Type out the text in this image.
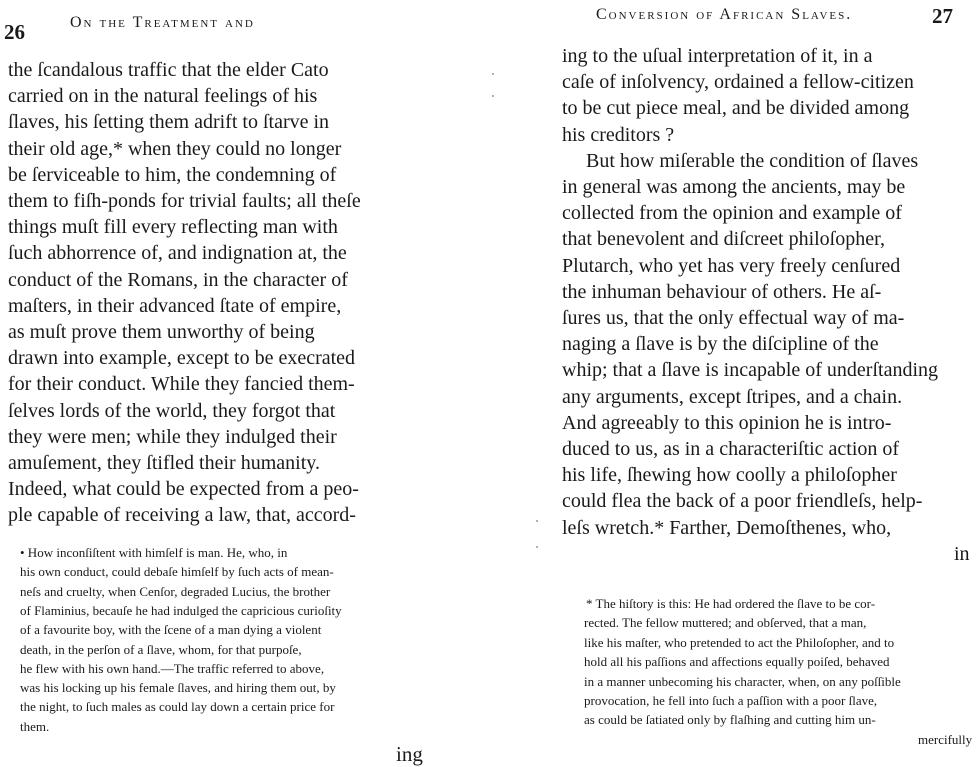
26	On the Treatment and
the ſcandalous traffic that the elder Cato
carried on in the natural feelings of his
ſlaves, his ſetting them adrift to ſtarve in
their old age,* when they could no longer
be ſerviceable to him, the condemning of
them to fiſh-ponds for trivial faults; all theſe
things muſt fill every reflecting man with
ſuch abhorrence of, and indignation at, the
conduct of the Romans, in the character of
maſters, in their advanced ſtate of empire,
as muſt prove them unworthy of being
drawn into example, except to be execrated
for their conduct. While they fancied them-
ſelves lords of the world, they forgot that
they were men; while they indulged their
amuſement, they ſtifled their humanity.
Indeed, what could be expected from a peo-
ple capable of receiving a law, that, accord-
• How inconſiſtent with himſelf is man. He, who, in
his own conduct, could debaſe himſelf by ſuch acts of mean-
neſs and cruelty, when Cenſor, degraded Lucius, the brother
of Flaminius, becauſe he had indulged the capricious curioſity
of a favourite boy, with the ſcene of a man dying a violent
death, in the perſon of a ſlave, whom, for that purpoſe,
he flew with his own hand.—The traffic referred to above,
was his locking up his female ſlaves, and hiring them out, by
the night, to ſuch males as could lay down a certain price for
them.
ing
Conversion of African Slaves.	27
ing to the uſual interpretation of it, in a
caſe of inſolvency, ordained a fellow-citizen
to be cut piece meal, and be divided among
his creditors ?
But how miſerable the condition of ſlaves
in general was among the ancients, may be
collected from the opinion and example of
that benevolent and diſcreet philoſopher,
Plutarch, who yet has very freely cenſured
the inhuman behaviour of others. He aſ-
ſures us, that the only effectual way of ma-
naging a ſlave is by the diſcipline of the
whip; that a ſlave is incapable of underſtanding
any arguments, except ſtripes, and a chain.
And agreeably to this opinion he is intro-
duced to us, as in a characteriſtic action of
his life, ſhewing how coolly a philoſopher
could flea the back of a poor friendleſs, help-
leſs wretch.* Farther, Demoſthenes, who,
in
* The hiſtory is this: He had ordered the ſlave to be cor-
rected. The fellow muttered; and obſerved, that a man,
like his maſter, who pretended to act the Philoſopher, and to
hold all his paſſions and affections equally poiſed, behaved
in a manner unbecoming his character, when, on any poſſible
provocation, he fell into ſuch a paſſion with a poor ſlave,
as could be ſatiated only by flaſhing and cutting him un-
mercifully
